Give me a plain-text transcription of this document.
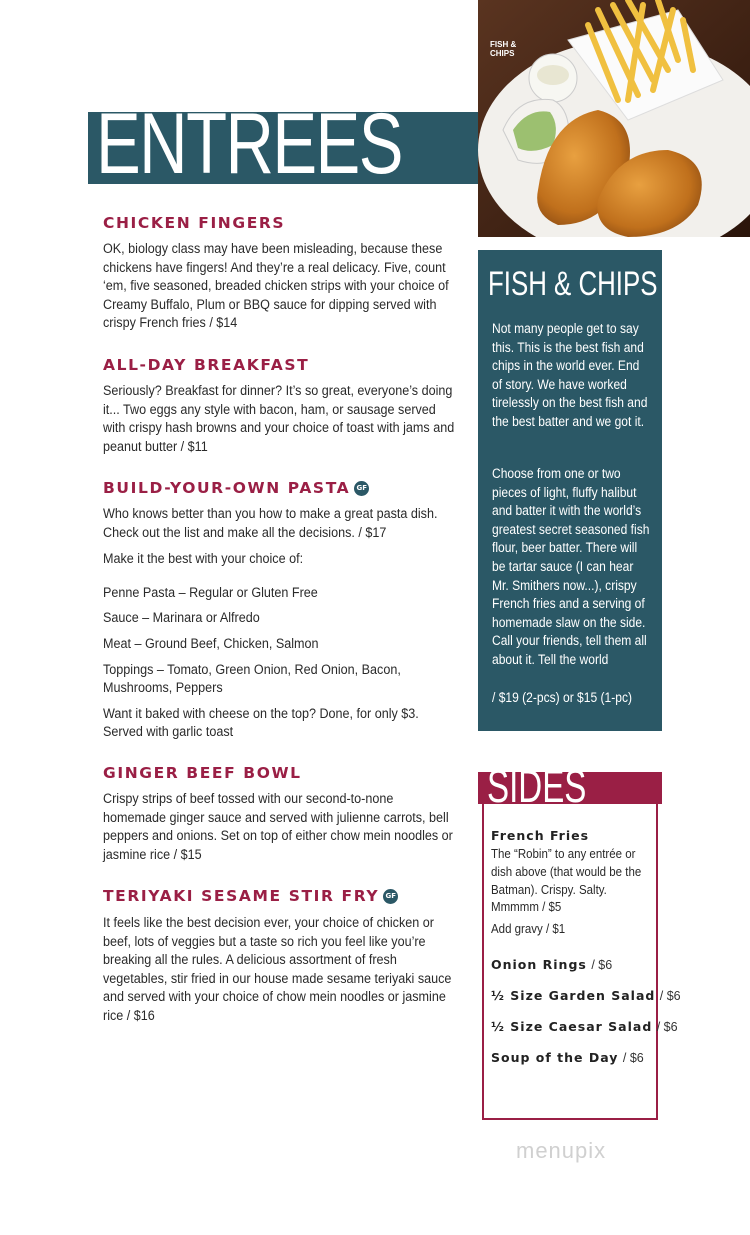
ENTREES
FISH & CHIPS
CHICKEN FINGERS

OK, biology class may have been misleading, because these chickens have fingers! And they’re a real delicacy. Five, count ‘em, five seasoned, breaded chicken strips with your choice of Creamy Buffalo, Plum or BBQ sauce for dipping served with crispy French fries / $14

ALL-DAY BREAKFAST

Seriously? Breakfast for dinner? It’s so great, everyone’s doing it... Two eggs any style with bacon, ham, or sausage served with crispy hash browns and your choice of toast with jams and peanut butter / $11

BUILD-YOUR-OWN PASTA GF

Who knows better than you how to make a great pasta dish. Check out the list and make all the decisions. / $17

Make it the best with your choice of:

Penne Pasta – Regular or Gluten Free

Sauce – Marinara or Alfredo

Meat – Ground Beef, Chicken, Salmon

Toppings – Tomato, Green Onion, Red Onion, Bacon, Mushrooms, Peppers

Want it baked with cheese on the top? Done, for only $3. Served with garlic toast

GINGER BEEF BOWL

Crispy strips of beef tossed with our second-to-none homemade ginger sauce and served with julienne carrots, bell peppers and onions. Set on top of either chow mein noodles or jasmine rice / $15

TERIYAKI SESAME STIR FRY GF

It feels like the best decision ever, your choice of chicken or beef, lots of veggies but a taste so rich you feel like you’re breaking all the rules. A delicious assortment of fresh vegetables, stir fried in our house made sesame teriyaki sauce and served with your choice of chow mein noodles or jasmine rice / $16

FISH & CHIPS

Not many people get to say this. This is the best fish and chips in the world ever. End of story. We have worked tirelessly on the best fish and the best batter and we got it.

Choose from one or two pieces of light, fluffy halibut and batter it with the world’s greatest secret seasoned fish flour, beer batter. There will be tartar sauce (I can hear Mr. Smithers now...), crispy French fries and a serving of homemade slaw on the side. Call your friends, tell them all about it. Tell the world

/ $19 (2-pcs) or $15 (1-pc)

SIDES
French Fries

The “Robin” to any entrée or dish above (that would be the Batman). Crispy. Salty. Mmmmm / $5

Add gravy / $1

Onion Rings / $6
½ Size Garden Salad / $6
½ Size Caesar Salad / $6
Soup of the Day / $6

menupix
